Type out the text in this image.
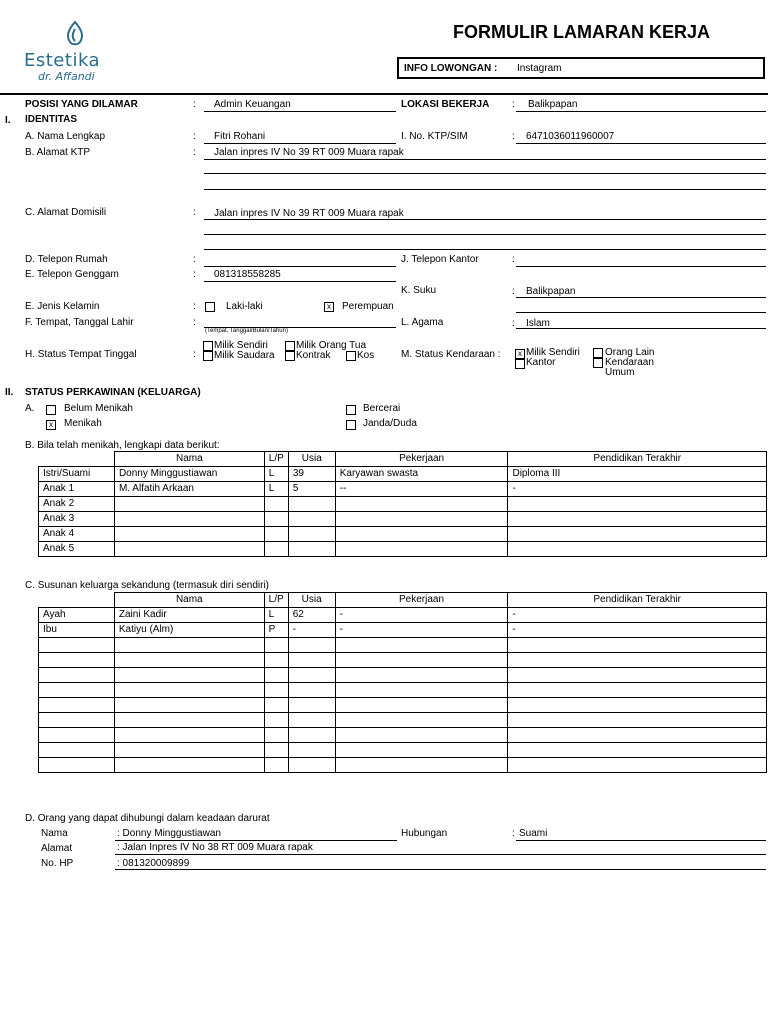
Estetika
dr. Affandi
FORMULIR LAMARAN KERJA
INFO LOWONGAN : Instagram
POSISI YANG DILAMAR	: Admin Keuangan	LOKASI BEKERJA : Balikpapan
I. IDENTITAS
A. Nama Lengkap	: Fitri Rohani	I. No. KTP/SIM	: 6471036011960007
B. Alamat KTP	: Jalan inpres IV No 39 RT 009 Muara rapak
C. Alamat Domisili	: Jalan inpres IV No 39 RT 009 Muara rapak
D. Telepon Rumah	:	J. Telepon Kantor	:
E. Telepon Genggam	: 081318558285
K. Suku	: Balikpapan
E. Jenis Kelamin	:	Laki-laki	x	Perempuan
F. Tempat, Tanggal Lahir	:
(Tempat, Tanggal/Bulan/Tahun)
L. Agama	: Islam
H. Status Tempat Tinggal	:
Milik Sendiri	Milik Orang Tua
Milik Saudara Kontrak	Kos	M. Status Kendaraan :	x Milik Sendiri
Kantor
Orang Lain
Kendaraan
Umum
II. STATUS PERKAWINAN (KELUARGA)
A.	Belum Menikah
x	Menikah
Bercerai
Janda/Duda
B. Bila telah menikah, lengkapi data berikut:
	Nama	L/P	Usia	Pekerjaan	Pendidikan Terakhir
Istri/Suami	Donny Minggustiawan	L	39	Karyawan swasta	Diploma III
Anak 1	M. Alfatih Arkaan	L	5	--	-
Anak 2					
Anak 3					
Anak 4					
Anak 5					
C. Susunan keluarga sekandung (termasuk diri sendiri)
	Nama	L/P	Usia	Pekerjaan	Pendidikan Terakhir
Ayah	Zaini Kadir	L	62	-	-
Ibu	Katiyu (Alm)	P	-	-	-

D. Orang yang dapat dihubungi dalam keadaan darurat
Nama	: Donny Minggustiawan	Hubungan	: Suami
Alamat	: Jalan Inpres IV No 38 RT 009 Muara rapak
No. HP	: 081320009899
